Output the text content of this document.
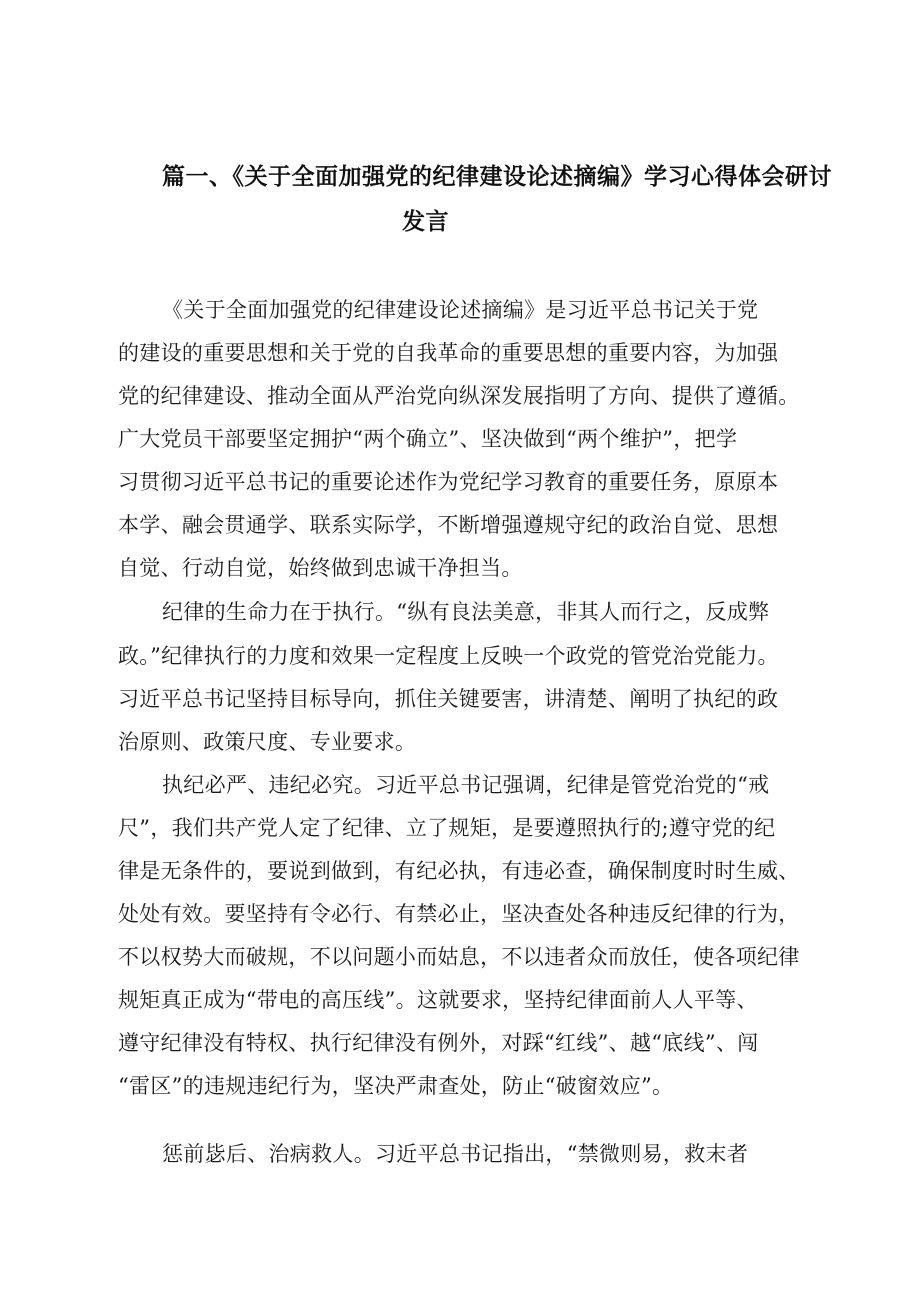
篇一、《关于全面加强党的纪律建设论述摘编》学习心得体会研讨
发言
《关于全面加强党的纪律建设论述摘编》是习近平总书记关于党
的建设的重要思想和关于党的自我革命的重要思想的重要内容，为加强
党的纪律建设、推动全面从严治党向纵深发展指明了方向、提供了遵循。
广大党员干部要坚定拥护“两个确立”、坚决做到“两个维护”，把学
习贯彻习近平总书记的重要论述作为党纪学习教育的重要任务，原原本
本学、融会贯通学、联系实际学，不断增强遵规守纪的政治自觉、思想
自觉、行动自觉，始终做到忠诚干净担当。
纪律的生命力在于执行。“纵有良法美意，非其人而行之，反成弊
政。”纪律执行的力度和效果一定程度上反映一个政党的管党治党能力。
习近平总书记坚持目标导向，抓住关键要害，讲清楚、阐明了执纪的政
治原则、政策尺度、专业要求。
执纪必严、违纪必究。习近平总书记强调，纪律是管党治党的“戒
尺”，我们共产党人定了纪律、立了规矩，是要遵照执行的;遵守党的纪
律是无条件的，要说到做到，有纪必执，有违必查，确保制度时时生威、
处处有效。要坚持有令必行、有禁必止，坚决查处各种违反纪律的行为，
不以权势大而破规，不以问题小而姑息，不以违者众而放任，使各项纪律
规矩真正成为“带电的高压线”。这就要求，坚持纪律面前人人平等、
遵守纪律没有特权、执行纪律没有例外，对踩“红线”、越“底线”、闯
“雷区”的违规违纪行为，坚决严肃查处，防止“破窗效应”。
惩前毖后、治病救人。习近平总书记指出，“禁微则易，救末者
